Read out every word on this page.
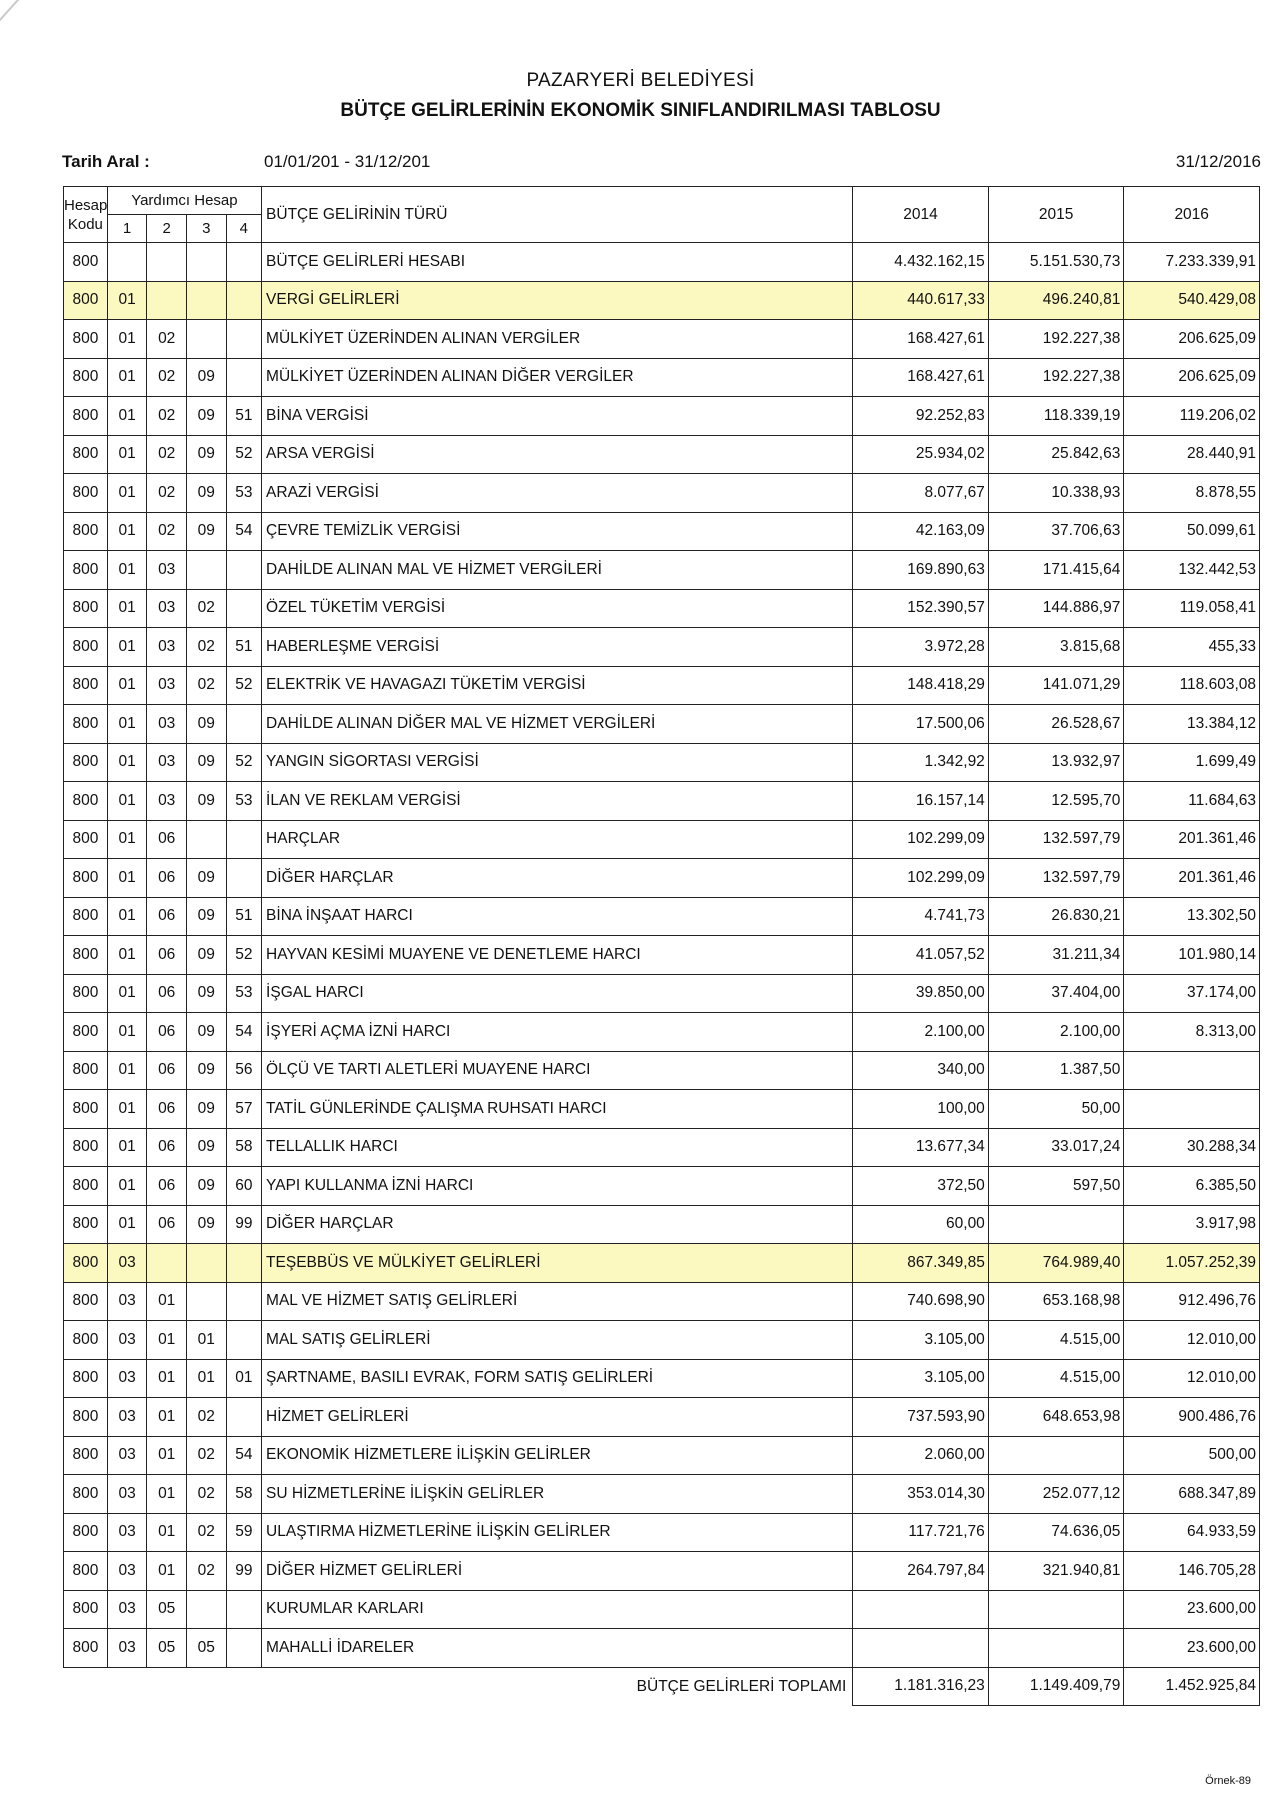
PAZARYERİ BELEDİYESİ
BÜTÇE GELİRLERİNİN EKONOMİK SINIFLANDIRILMASI TABLOSU
Tarih Aral :	01/01/201 - 31/12/201	31/12/2016
Hesap
Kodu	Yardımcı Hesap				BÜTÇE GELİRİNİN TÜRÜ	2014	2015	2016
	1	2	3	4				
800					BÜTÇE GELİRLERİ HESABI	4.432.162,15	5.151.530,73	7.233.339,91
800	01				VERGİ GELİRLERİ	440.617,33	496.240,81	540.429,08
800	01	02			MÜLKİYET ÜZERİNDEN ALINAN VERGİLER	168.427,61	192.227,38	206.625,09
800	01	02	09		MÜLKİYET ÜZERİNDEN ALINAN DİĞER VERGİLER	168.427,61	192.227,38	206.625,09
800	01	02	09	51	BİNA VERGİSİ	92.252,83	118.339,19	119.206,02
800	01	02	09	52	ARSA VERGİSİ	25.934,02	25.842,63	28.440,91
800	01	02	09	53	ARAZİ VERGİSİ	8.077,67	10.338,93	8.878,55
800	01	02	09	54	ÇEVRE TEMİZLİK VERGİSİ	42.163,09	37.706,63	50.099,61
800	01	03			DAHİLDE ALINAN MAL VE HİZMET VERGİLERİ	169.890,63	171.415,64	132.442,53
800	01	03	02		ÖZEL TÜKETİM VERGİSİ	152.390,57	144.886,97	119.058,41
800	01	03	02	51	HABERLEŞME VERGİSİ	3.972,28	3.815,68	455,33
800	01	03	02	52	ELEKTRİK VE HAVAGAZI TÜKETİM VERGİSİ	148.418,29	141.071,29	118.603,08
800	01	03	09		DAHİLDE ALINAN DİĞER MAL VE HİZMET VERGİLERİ	17.500,06	26.528,67	13.384,12
800	01	03	09	52	YANGIN SİGORTASI VERGİSİ	1.342,92	13.932,97	1.699,49
800	01	03	09	53	İLAN VE REKLAM VERGİSİ	16.157,14	12.595,70	11.684,63
800	01	06			HARÇLAR	102.299,09	132.597,79	201.361,46
800	01	06	09		DİĞER HARÇLAR	102.299,09	132.597,79	201.361,46
800	01	06	09	51	BİNA İNŞAAT HARCI	4.741,73	26.830,21	13.302,50
800	01	06	09	52	HAYVAN KESİMİ MUAYENE VE DENETLEME HARCI	41.057,52	31.211,34	101.980,14
800	01	06	09	53	İŞGAL HARCI	39.850,00	37.404,00	37.174,00
800	01	06	09	54	İŞYERİ AÇMA İZNİ HARCI	2.100,00	2.100,00	8.313,00
800	01	06	09	56	ÖLÇÜ VE TARTI ALETLERİ MUAYENE HARCI	340,00	1.387,50	
800	01	06	09	57	TATİL GÜNLERİNDE ÇALIŞMA RUHSATI HARCI	100,00	50,00	
800	01	06	09	58	TELLALLIK HARCI	13.677,34	33.017,24	30.288,34
800	01	06	09	60	YAPI KULLANMA İZNİ HARCI	372,50	597,50	6.385,50
800	01	06	09	99	DİĞER HARÇLAR	60,00		3.917,98
800	03				TEŞEBBÜS VE MÜLKİYET GELİRLERİ	867.349,85	764.989,40	1.057.252,39
800	03	01			MAL VE HİZMET SATIŞ GELİRLERİ	740.698,90	653.168,98	912.496,76
800	03	01	01		MAL SATIŞ GELİRLERİ	3.105,00	4.515,00	12.010,00
800	03	01	01	01	ŞARTNAME, BASILI EVRAK, FORM SATIŞ GELİRLERİ	3.105,00	4.515,00	12.010,00
800	03	01	02		HİZMET GELİRLERİ	737.593,90	648.653,98	900.486,76
800	03	01	02	54	EKONOMİK HİZMETLERE İLİŞKİN GELİRLER	2.060,00		500,00
800	03	01	02	58	SU HİZMETLERİNE İLİŞKİN GELİRLER	353.014,30	252.077,12	688.347,89
800	03	01	02	59	ULAŞTIRMA HİZMETLERİNE İLİŞKİN GELİRLER	117.721,76	74.636,05	64.933,59
800	03	01	02	99	DİĞER HİZMET GELİRLERİ	264.797,84	321.940,81	146.705,28
800	03	05			KURUMLAR KARLARI			23.600,00
800	03	05	05		MAHALLİ İDARELER			23.600,00
BÜTÇE GELİRLERİ TOPLAMI						1.181.316,23	1.149.409,79	1.452.925,84
Örnek-89
